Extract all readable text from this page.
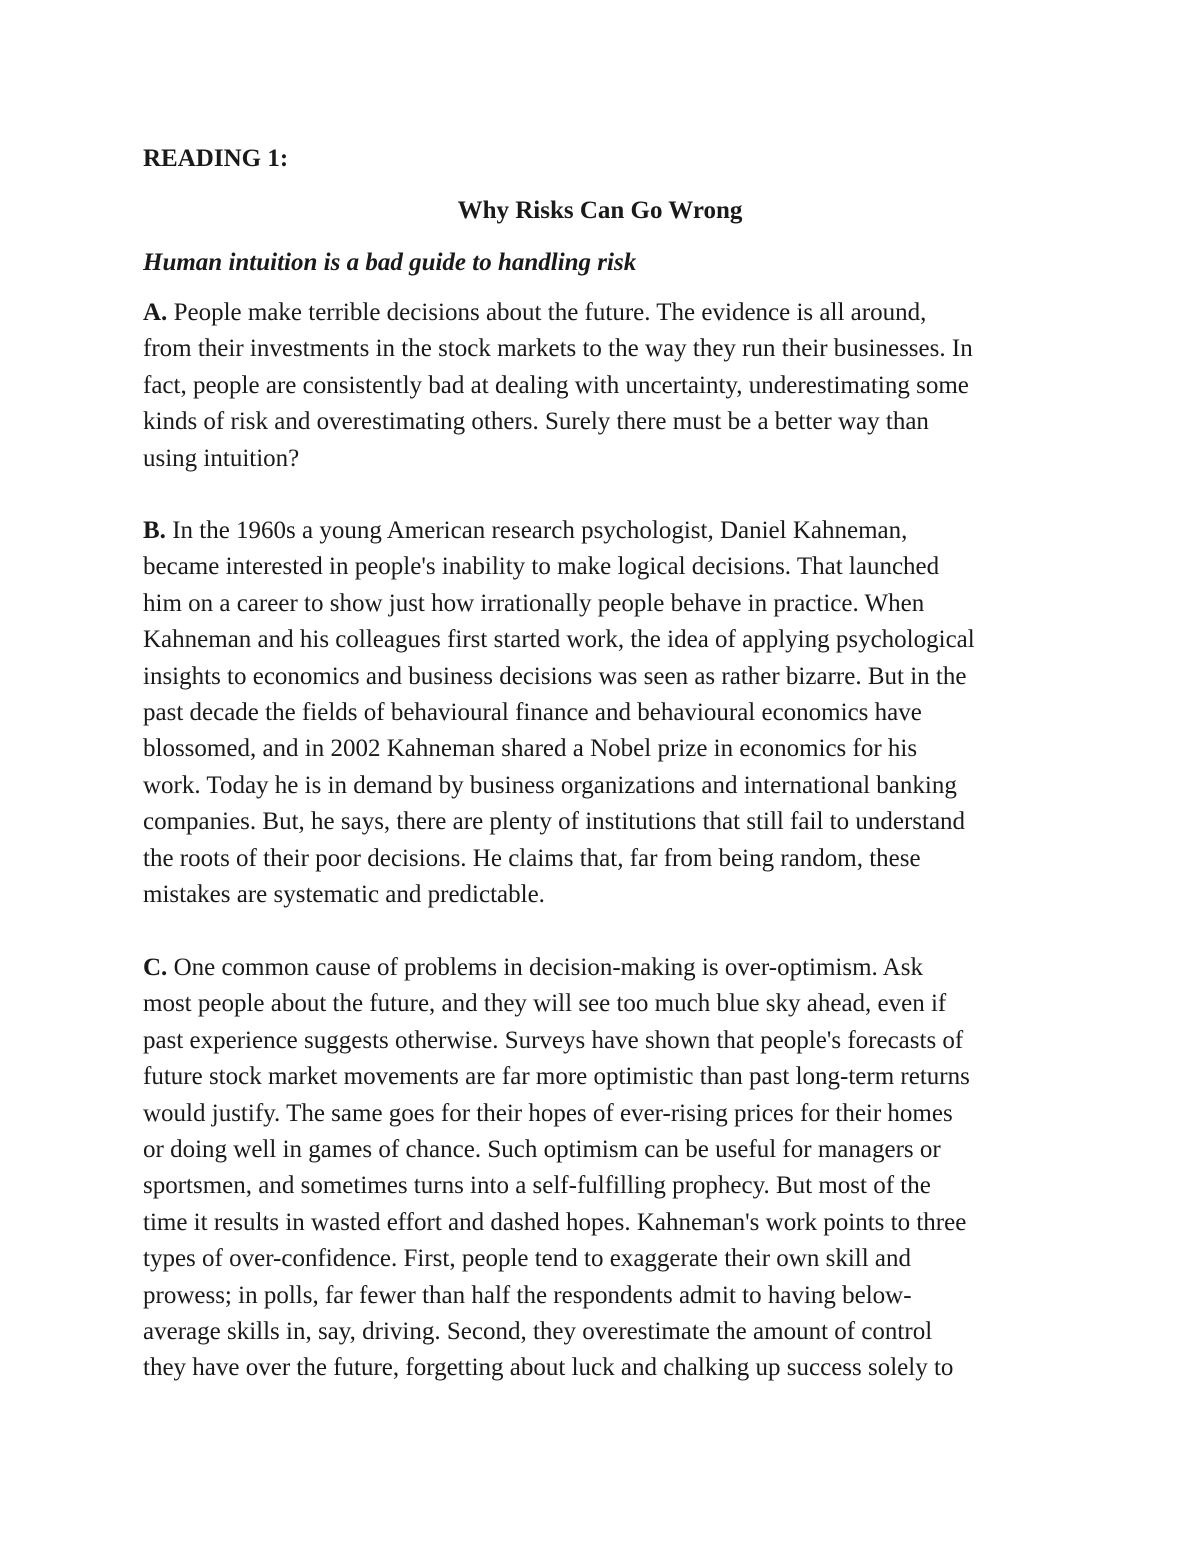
READING 1:

Why Risks Can Go Wrong
Human intuition is a bad guide to handling risk
A. People make terrible decisions about the future. The evidence is all around,
from their investments in the stock markets to the way they run their businesses. In
fact, people are consistently bad at dealing with uncertainty, underestimating some
kinds of risk and overestimating others. Surely there must be a better way than
using intuition?
B. In the 1960s a young American research psychologist, Daniel Kahneman,
became interested in people's inability to make logical decisions. That launched
him on a career to show just how irrationally people behave in practice. When
Kahneman and his colleagues first started work, the idea of applying psychological
insights to economics and business decisions was seen as rather bizarre. But in the
past decade the fields of behavioural finance and behavioural economics have
blossomed, and in 2002 Kahneman shared a Nobel prize in economics for his
work. Today he is in demand by business organizations and international banking
companies. But, he says, there are plenty of institutions that still fail to understand
the roots of their poor decisions. He claims that, far from being random, these
mistakes are systematic and predictable.
C. One common cause of problems in decision-making is over-optimism. Ask
most people about the future, and they will see too much blue sky ahead, even if
past experience suggests otherwise. Surveys have shown that people's forecasts of
future stock market movements are far more optimistic than past long-term returns
would justify. The same goes for their hopes of ever-rising prices for their homes
or doing well in games of chance. Such optimism can be useful for managers or
sportsmen, and sometimes turns into a self-fulfilling prophecy. But most of the
time it results in wasted effort and dashed hopes. Kahneman's work points to three
types of over-confidence. First, people tend to exaggerate their own skill and
prowess; in polls, far fewer than half the respondents admit to having below-
average skills in, say, driving. Second, they overestimate the amount of control
they have over the future, forgetting about luck and chalking up success solely to
